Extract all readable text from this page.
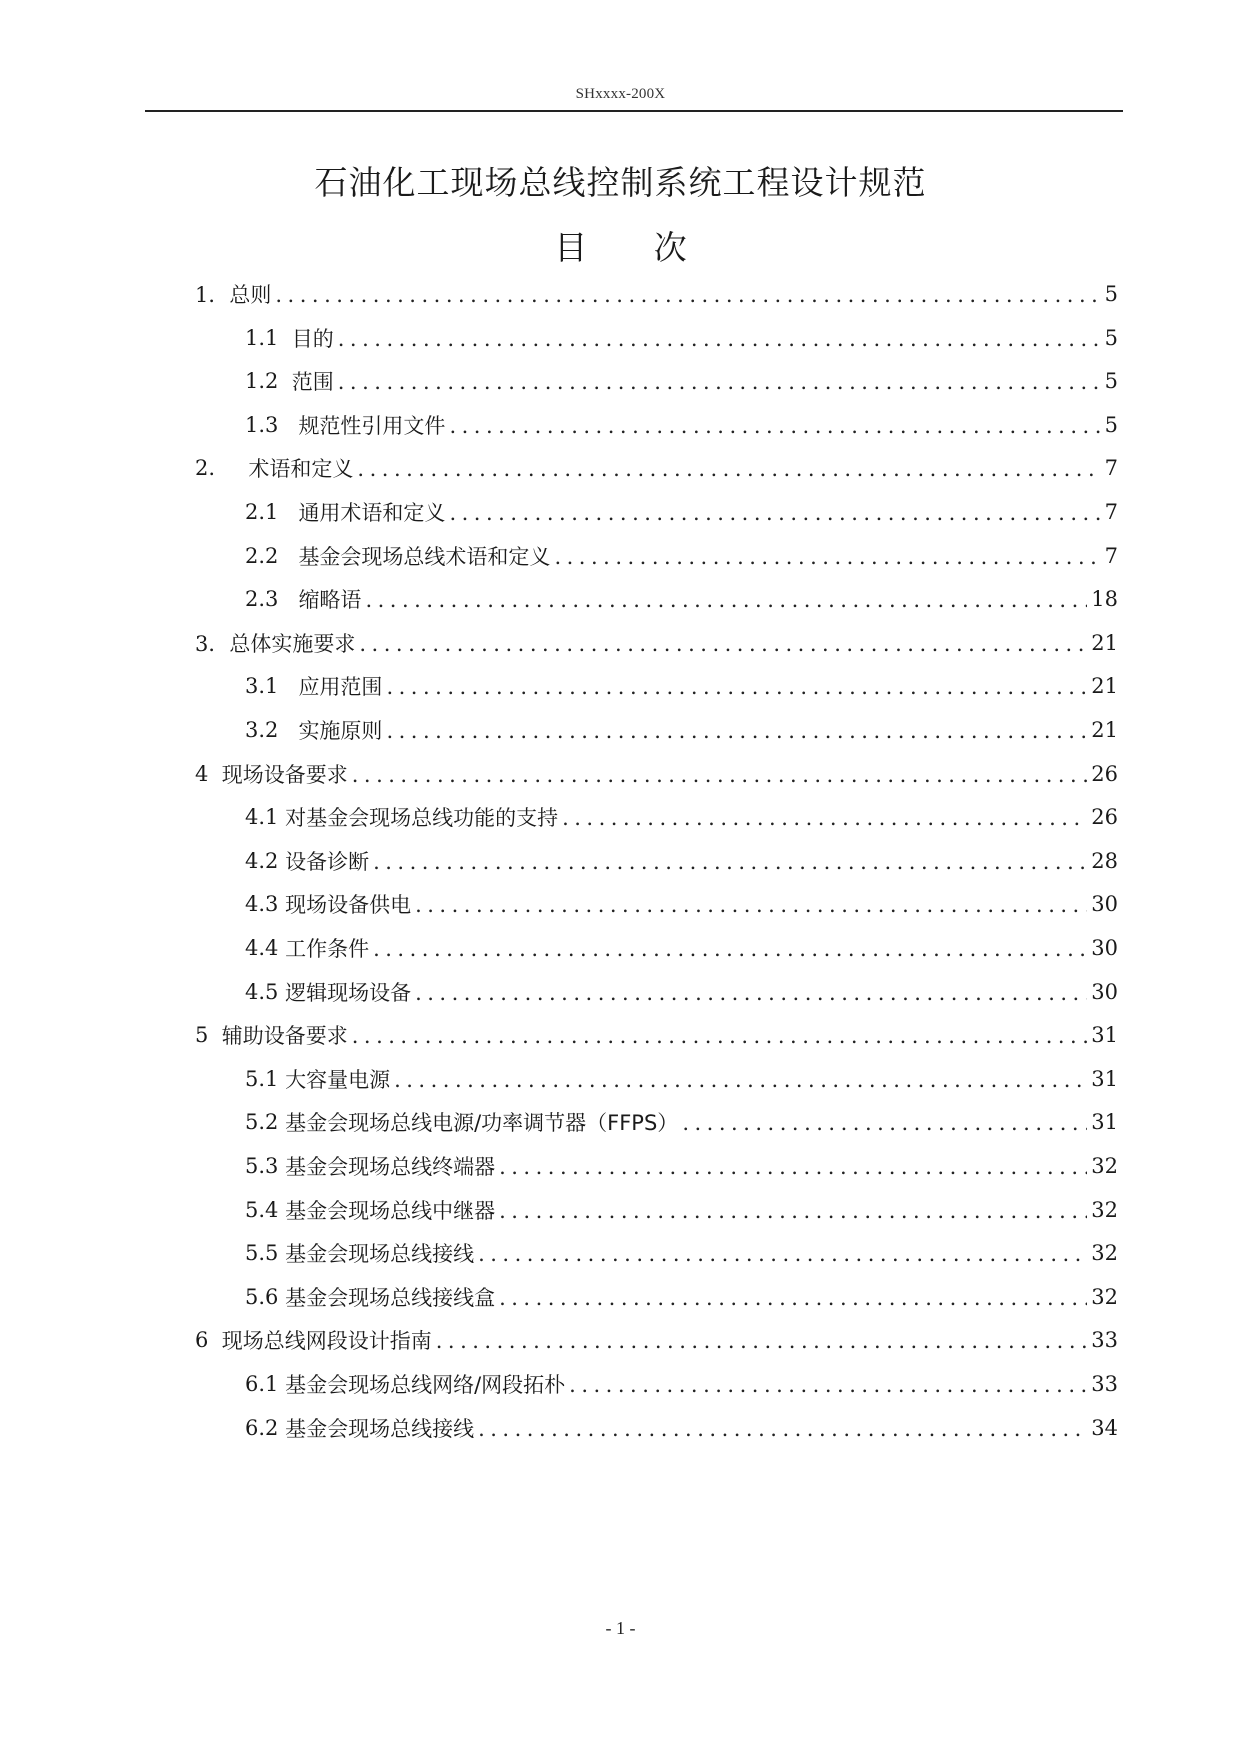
SHxxxx-200X
石油化工现场总线控制系统工程设计规范
目 次
1． 总则 .....	5
1.1 目的 .....	5
1.2 范围 .....	5
1.3 规范性引用文件 .....	5
2. 术语和定义 .....	7
2.1 通用术语和定义 .....	7
2.2 基金会现场总线术语和定义 .....	7
2.3 缩略语 .....	18
3． 总体实施要求 .....	21
3.1 应用范围 .....	21
3.2 实施原则 .....	21
4 现场设备要求 .....	26
4.1 对基金会现场总线功能的支持 .....	26
4.2 设备诊断 .....	28
4.3 现场设备供电 .....	30
4.4 工作条件 .....	30
4.5 逻辑现场设备 .....	30
5 辅助设备要求 .....	31
5.1 大容量电源 .....	31
5.2 基金会现场总线电源/功率调节器（FFPS） .....	31
5.3 基金会现场总线终端器 .....	32
5.4 基金会现场总线中继器 .....	32
5.5 基金会现场总线接线 .....	32
5.6 基金会现场总线接线盒 .....	32
6 现场总线网段设计指南 .....	33
6.1 基金会现场总线网络/网段拓朴 .....	33
6.2 基金会现场总线接线 .....	34
- 1 -
